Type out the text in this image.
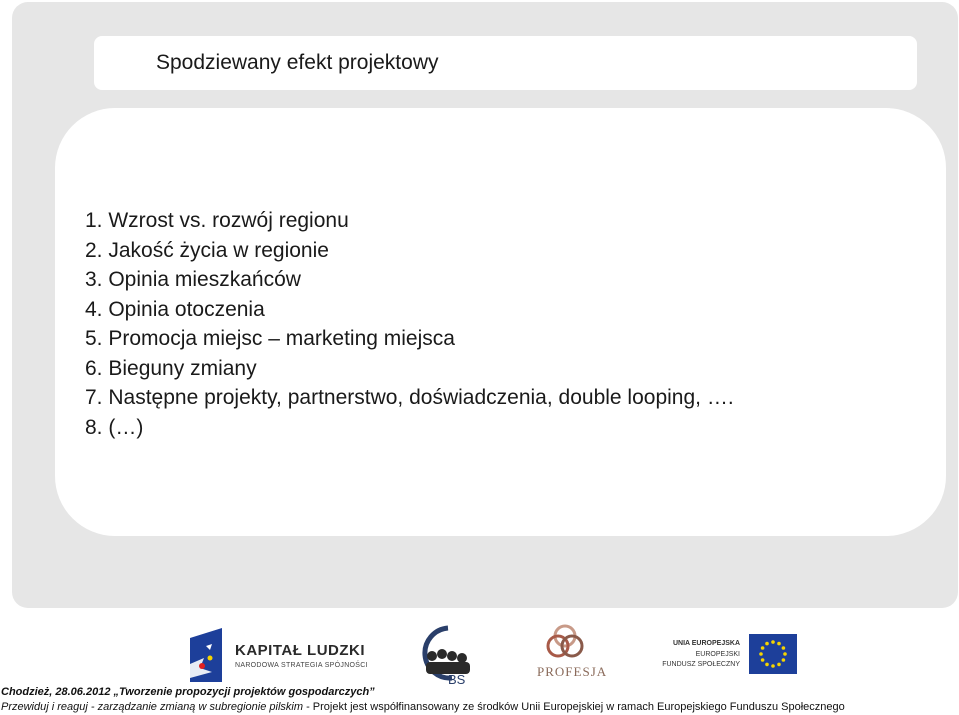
Spodziewany efekt projektowy
1. Wzrost vs. rozwój regionu
2. Jakość życia w regionie
3. Opinia mieszkańców
4. Opinia otoczenia
5. Promocja miejsc – marketing miejsca
6. Bieguny zmiany
7. Następne projekty, partnerstwo, doświadczenia, double looping, ….
8. (…)
KAPITAŁ LUDZKI
NARODOWA STRATEGIA SPÓJNOŚCI
BS
PROFESJA
UNIA EUROPEJSKA
EUROPEJSKI
FUNDUSZ SPOŁECZNY
Chodzież, 28.06.2012 „Tworzenie propozycji projektów gospodarczych”
Przewiduj i reaguj - zarządzanie zmianą w subregionie pilskim - Projekt jest współfinansowany ze środków Unii Europejskiej w ramach Europejskiego Funduszu Społecznego
